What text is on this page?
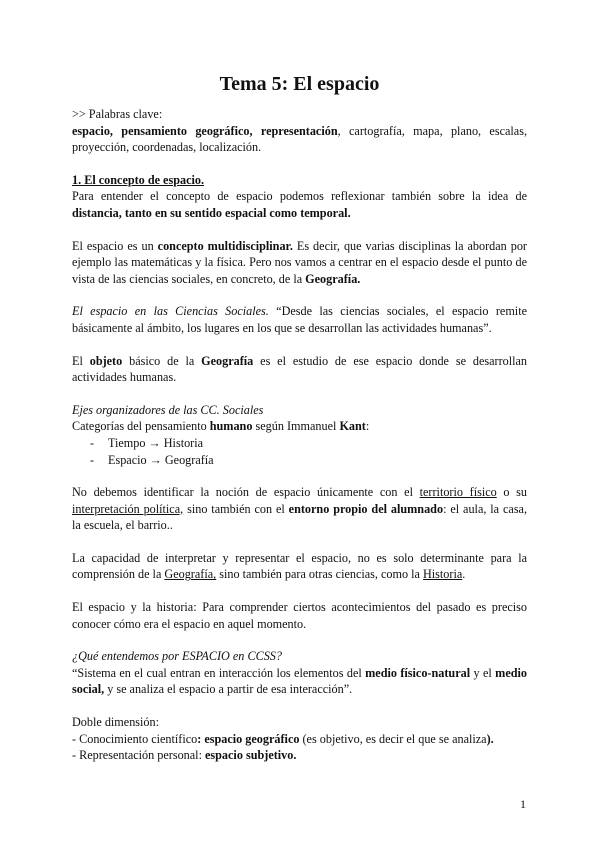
Tema 5: El espacio

>> Palabras clave:

espacio, pensamiento geográfico, representación, cartografía, mapa, plano, escalas, proyección, coordenadas, localización.

1. El concepto de espacio.

Para entender el concepto de espacio podemos reflexionar también sobre la idea de distancia, tanto en su sentido espacial como temporal.

El espacio es un concepto multidisciplinar. Es decir, que varias disciplinas la abordan por ejemplo las matemáticas y la física. Pero nos vamos a centrar en el espacio desde el punto de vista de las ciencias sociales, en concreto, de la Geografía.

El espacio en las Ciencias Sociales. “Desde las ciencias sociales, el espacio remite básicamente al ámbito, los lugares en los que se desarrollan las actividades humanas”.

El objeto básico de la Geografía es el estudio de ese espacio donde se desarrollan actividades humanas.

Ejes organizadores de las CC. Sociales

Categorías del pensamiento humano según Immanuel Kant:

- Tiempo → Historia
- Espacio → Geografía

No debemos identificar la noción de espacio únicamente con el territorio físico o su interpretación política, sino también con el entorno propio del alumnado: el aula, la casa, la escuela, el barrio..

La capacidad de interpretar y representar el espacio, no es solo determinante para la comprensión de la Geografía, sino también para otras ciencias, como la Historia.

El espacio y la historia: Para comprender ciertos acontecimientos del pasado es preciso conocer cómo era el espacio en aquel momento.

¿Qué entendemos por ESPACIO en CCSS?

“Sistema en el cual entran en interacción los elementos del medio físico-natural y el medio social, y se analiza el espacio a partir de esa interacción”.

Doble dimensión:

- Conocimiento científico: espacio geográfico (es objetivo, es decir el que se analiza).

- Representación personal: espacio subjetivo.

1
